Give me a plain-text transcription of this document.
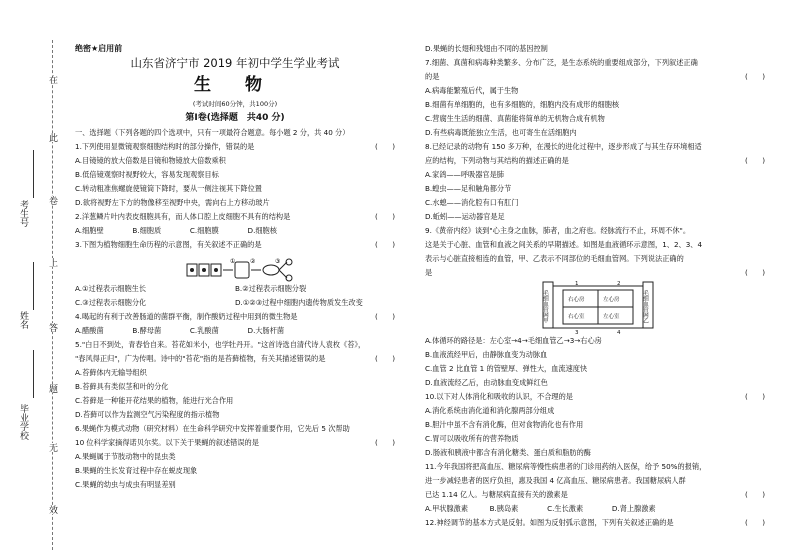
在
此
卷
上
答
题
无
效
考生号
姓名
毕业学校

绝密★启用前

山东省济宁市 2019 年初中学生学业考试

生 物

(考试时间60分钟，共100分)

第Ⅰ卷(选择题　共40 分)

一、选择题（下列各题的四个选项中，只有一项最符合题意。每小题 2 分，共 40 分）

1.下列使用显微镜观察细胞结构时的部分操作，错误的是	(　　)

A.目镜镜的放大倍数是目镜和物镜放大倍数乘积

B.低倍镜观察时视野较大，容易发现观察目标

C.转动粗准焦螺旋使镜筒下降时，要从一侧注视其下降位置

D.欲将视野左下方的物像移至视野中央，需向右上方移动玻片

2.洋葱鳞片叶内表皮细胞具有，而人体口腔上皮细胞不具有的结构是	(　　)

A.细胞壁　　　　B.细胞质　　　　C.细胞膜　　　　D.细胞核

3.下图为植物细胞生命历程的示意图，有关叙述不正确的是	(　　)

① ②	③

A.①过程表示细胞生长	B.②过程表示细胞分裂

C.③过程表示细胞分化	D.①②③过程中细胞内遗传物质发生改变

4.喝起的有利于改善肠道的菌群平衡，制作酸奶过程中用到的微生物是	(　　)

A.醋酸菌　　　　B.酵母菌　　　　C.乳酸菌　　　　D.大肠杆菌

5."白日不到处，青春恰自来。苔花如米小，也学牡丹开。"这首诗选自清代诗人袁枚《苔》，

"春风得正归"，广为传唱。诗中的"苔花"指的是苔藓植物，有关其描述错误的是	(　　)

A.苔藓体内无输导组织

B.苔藓具有类似茎和叶的分化

C.苔藓是一种能开花结果的植物，能进行光合作用

D.苔藓可以作为监测空气污染程度的指示植物

6.果蝇作为模式动物（研究材料）在生命科学研究中发挥着重要作用，它先后 5 次帮助

10 位科学家摘得诺贝尔奖。以下关于果蝇的叙述错误的是	(　　)

A.果蝇属于节肢动物中的昆虫类

B.果蝇的生长发育过程中存在蜕皮现象

C.果蝇的幼虫与成虫有明显差别

D.果蝇的长翅和残翅由不同的基因控制

7.细菌、真菌和病毒种类繁多、分布广泛，是生态系统的重要组成部分，下列叙述正确

的是	(　　)

A.病毒能繁殖后代，属于生物

B.细菌有单细胞的，也有多细胞的，细胞内没有成形的细胞核

C.营腐生生活的细菌、真菌能将简单的无机物合成有机物

D.有些病毒既能独立生活，也可寄生在活细胞内

8.已经记录的动物有 150 多万种，在漫长的进化过程中，逐步形成了与其生存环境相适

应的结构，下列动物与其结构的描述正确的是	(　　)

A.家鸽——呼吸器官是肺

B.蝗虫——足和触角都分节

C.水螅——消化腔有口有肛门

D.蚯蚓——运动器官是足

9.《黄帝内经》谈到"心主身之血脉，肺者，血之府也。经脉流行不止，环周不休"。

这是关于心脏、血管和血液之间关系的早期描述。如图是血液循环示意图，1、2、3、4

表示与心脏直接相连的血管，甲、乙表示不同部位的毛细血管网。下列说法正确的

是	(　　)

毛细血管网甲	毛细血管网乙
右心房	左心房
右心室	左心室
1	2
3	4

A.体循环的路径是：左心室→4→毛细血管乙→3→右心房

B.血液流经甲后，由静脉血变为动脉血

C.血管 2 比血管 1 的管壁厚、弹性大，血流速度快

D.血液流经乙后，由动脉血变成鲜红色

10.以下对人体消化和吸收的认识，不合理的是	(　　)

A.消化系统由消化道和消化腺两部分组成

B.胆汁中虽不含有消化酶，但对食物消化也有作用

C.胃可以吸收所有的营养物质

D.肠液和胰液中都含有消化糖类、蛋白质和脂肪的酶

11.今年我国将把高血压、糖尿病等慢性病患者的门诊用药纳入医保，给予 50%的报销，

进一步减轻患者的医疗负担，惠及我国 4 亿高血压、糖尿病患者。我国糖尿病人群

已达 1.14 亿人。与糖尿病直接有关的激素是	(　　)

A.甲状腺激素　　　B.胰岛素　　　　C.生长激素　　　　D.肾上腺激素

12.神经调节的基本方式是反射。如图为反射弧示意图，下列有关叙述正确的是	(　　)
